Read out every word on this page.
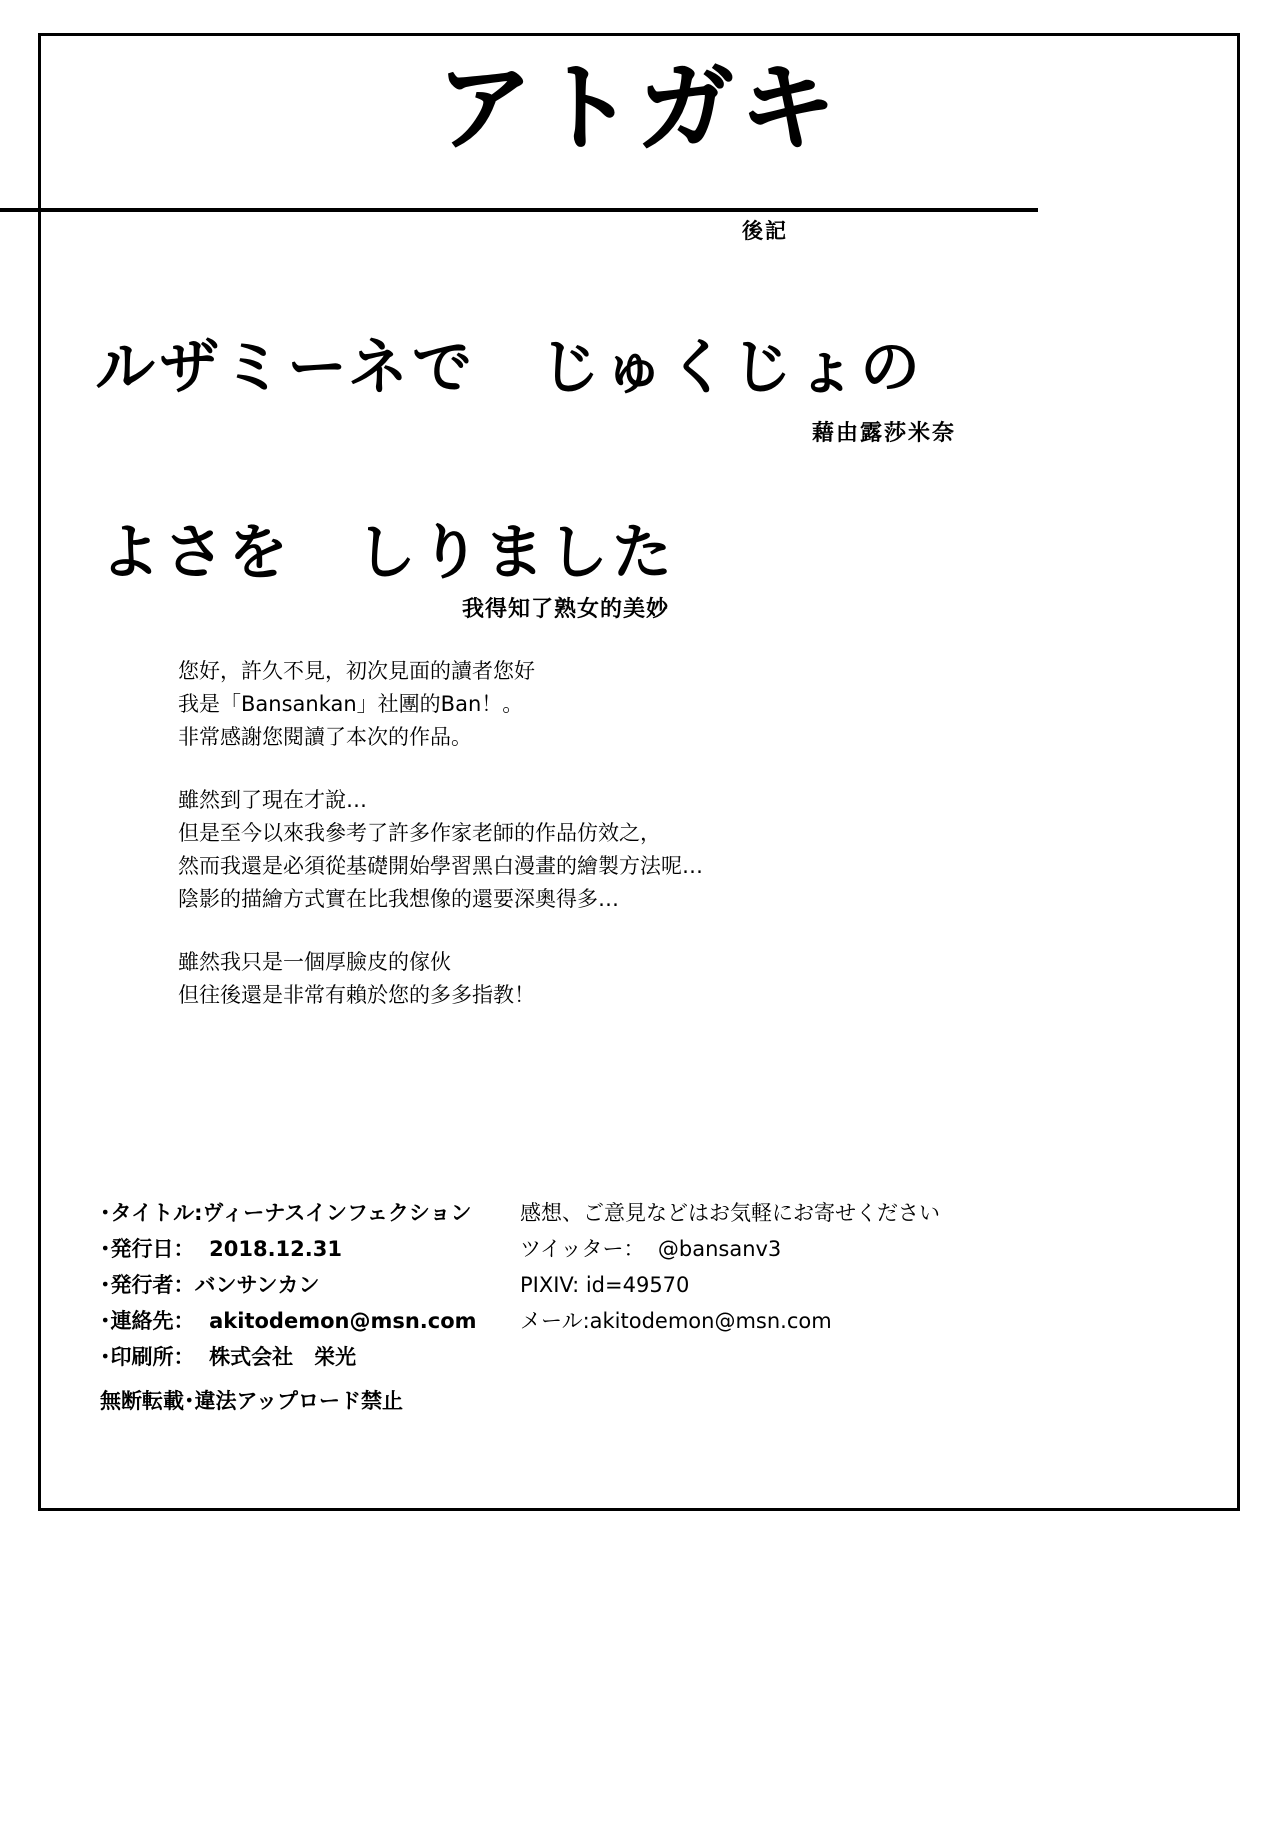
アトガキ
後記
ルザミーネで　じゅくじょの
藉由露莎米奈
よさを　しりました
我得知了熟女的美妙

您好，許久不見，初次見面的讀者您好
我是「Bansankan」社團的Ban！。
非常感謝您閱讀了本次的作品。

雖然到了現在才說…
但是至今以來我參考了許多作家老師的作品仿效之，
然而我還是必須從基礎開始學習黑白漫畫的繪製方法呢…
陰影的描繪方式實在比我想像的還要深奧得多…

雖然我只是一個厚臉皮的傢伙
但往後還是非常有賴於您的多多指教！

･タイトル:ヴィーナスインフェクション
･発行日：  2018.12.31
･発行者：バンサンカン
･連絡先：  akitodemon@msn.com
･印刷所：  株式会社　栄光
感想、ご意見などはお気軽にお寄せください
ツイッター：  @bansanv3
PIXIV: id=49570
メール:akitodemon@msn.com
無断転載･違法アップロード禁止
